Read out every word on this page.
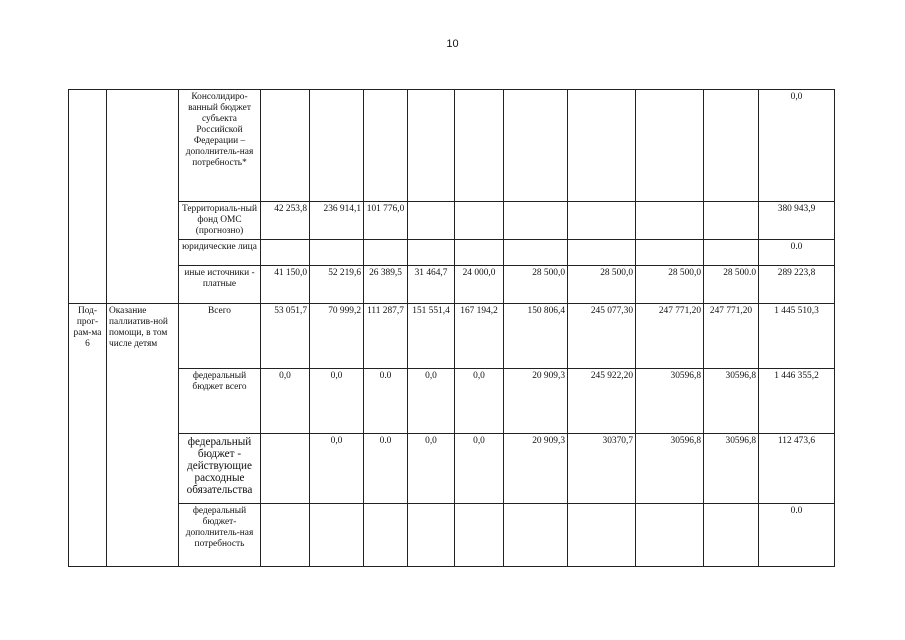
10
		Консолидиро-ванный бюджет субъекта Российской Федерации – дополнитель-ная потребность*										0,0
		Территориаль-ный фонд ОМС (прогнозно)	42 253,8	236 914,1	101 776,0							380 943,9
		юридические лица										0.0
		иные источники - платные	41 150,0	52 219,6	26 389,5	31 464,7	24 000,0	28 500,0	28 500,0	28 500,0	28 500.0	289 223,8
Под-прог-рам-ма 6	Оказание паллиатив-ной помощи, в том числе детям	Всего	53 051,7	70 999,2	111 287,7	151 551,4	167 194,2	150 806,4	245 077,30	247 771,20	247 771,20	1 445 510,3
		федеральный бюджет всего	0,0	0,0	0.0	0,0	0,0	20 909,3	245 922,20	30596,8	30596,8	1 446 355,2
		федеральный бюджет - действующие расходные обязательства		0,0	0.0	0,0	0,0	20 909,3	30370,7	30596,8	30596,8	112 473,6
		федеральный бюджет-дополнитель-ная потребность										0.0
